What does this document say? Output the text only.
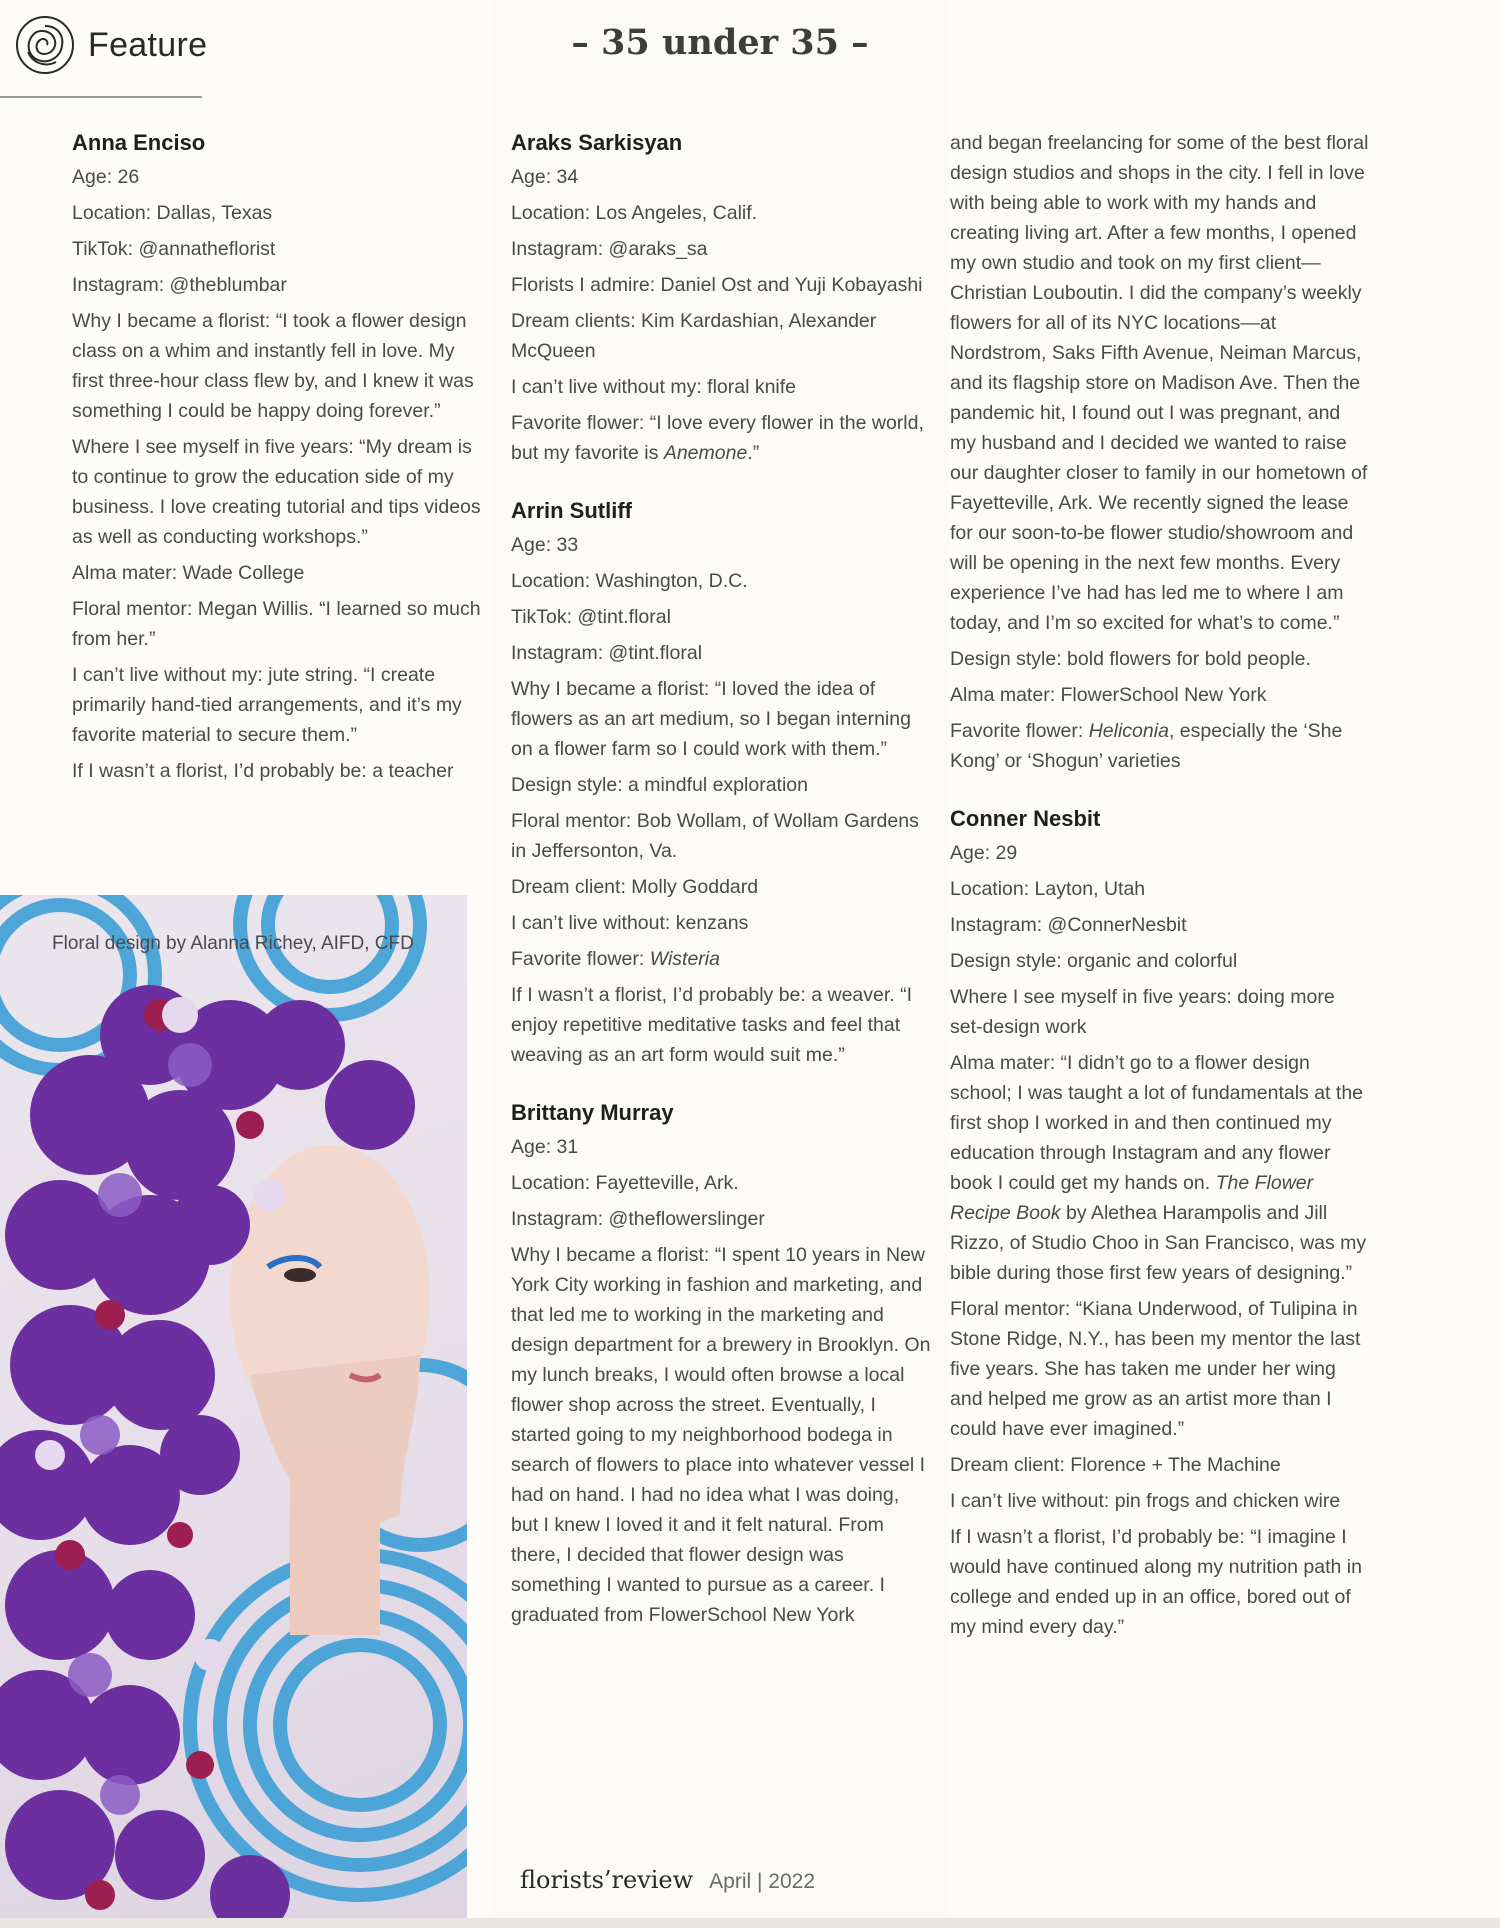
Feature	– 35 under 35 –
Anna Enciso
Age: 26
Location: Dallas, Texas
TikTok: @annatheflorist
Instagram: @theblumbar
Why I became a florist: “I took a flower design class on a whim and instantly fell in love. My first three-hour class flew by, and I knew it was something I could be happy doing forever.”
Where I see myself in five years: “My dream is to continue to grow the education side of my business. I love creating tutorial and tips videos as well as conducting workshops.”
Alma mater: Wade College
Floral mentor: Megan Willis. “I learned so much from her.”
I can’t live without my: jute string. “I create primarily hand-tied arrangements, and it’s my favorite material to secure them.”
If I wasn’t a florist, I’d probably be: a teacher
Floral design by Alanna Richey, AIFD, CFD
Araks Sarkisyan
Age: 34
Location: Los Angeles, Calif.
Instagram: @araks_sa
Florists I admire: Daniel Ost and Yuji Kobayashi
Dream clients: Kim Kardashian, Alexander McQueen
I can’t live without my: floral knife
Favorite flower: “I love every flower in the world, but my favorite is Anemone.”
Arrin Sutliff
Age: 33
Location: Washington, D.C.
TikTok: @tint.floral
Instagram: @tint.floral
Why I became a florist: “I loved the idea of flowers as an art medium, so I began interning on a flower farm so I could work with them.”
Design style: a mindful exploration
Floral mentor: Bob Wollam, of Wollam Gardens in Jeffersonton, Va.
Dream client: Molly Goddard
I can’t live without: kenzans
Favorite flower: Wisteria
If I wasn’t a florist, I’d probably be: a weaver. “I enjoy repetitive meditative tasks and feel that weaving as an art form would suit me.”
Brittany Murray
Age: 31
Location: Fayetteville, Ark.
Instagram: @theflowerslinger
Why I became a florist: “I spent 10 years in New York City working in fashion and marketing, and that led me to working in the marketing and design department for a brewery in Brooklyn. On my lunch breaks, I would often browse a local flower shop across the street. Eventually, I started going to my neighborhood bodega in search of flowers to place into whatever vessel I had on hand. I had no idea what I was doing, but I knew I loved it and it felt natural. From there, I decided that flower design was something I wanted to pursue as a career. I graduated from FlowerSchool New York
and began freelancing for some of the best floral design studios and shops in the city. I fell in love with being able to work with my hands and creating living art. After a few months, I opened my own studio and took on my first client—Christian Louboutin. I did the company’s weekly flowers for all of its NYC locations—at Nordstrom, Saks Fifth Avenue, Neiman Marcus, and its flagship store on Madison Ave. Then the pandemic hit, I found out I was pregnant, and my husband and I decided we wanted to raise our daughter closer to family in our hometown of Fayetteville, Ark. We recently signed the lease for our soon-to-be flower studio/showroom and will be opening in the next few months. Every experience I’ve had has led me to where I am today, and I’m so excited for what’s to come.”
Design style: bold flowers for bold people.
Alma mater: FlowerSchool New York
Favorite flower: Heliconia, especially the ‘She Kong’ or ‘Shogun’ varieties
Conner Nesbit
Age: 29
Location: Layton, Utah
Instagram: @ConnerNesbit
Design style: organic and colorful
Where I see myself in five years: doing more set-design work
Alma mater: “I didn’t go to a flower design school; I was taught a lot of fundamentals at the first shop I worked in and then continued my education through Instagram and any flower book I could get my hands on. The Flower Recipe Book by Alethea Harampolis and Jill Rizzo, of Studio Choo in San Francisco, was my bible during those first few years of designing.”
Floral mentor: “Kiana Underwood, of Tulipina in Stone Ridge, N.Y., has been my mentor the last five years. She has taken me under her wing and helped me grow as an artist more than I could have ever imagined.”
Dream client: Florence + The Machine
I can’t live without: pin frogs and chicken wire
If I wasn’t a florist, I’d probably be: “I imagine I would have continued along my nutrition path in college and ended up in an office, bored out of my mind every day.”
florists’review April | 2022
